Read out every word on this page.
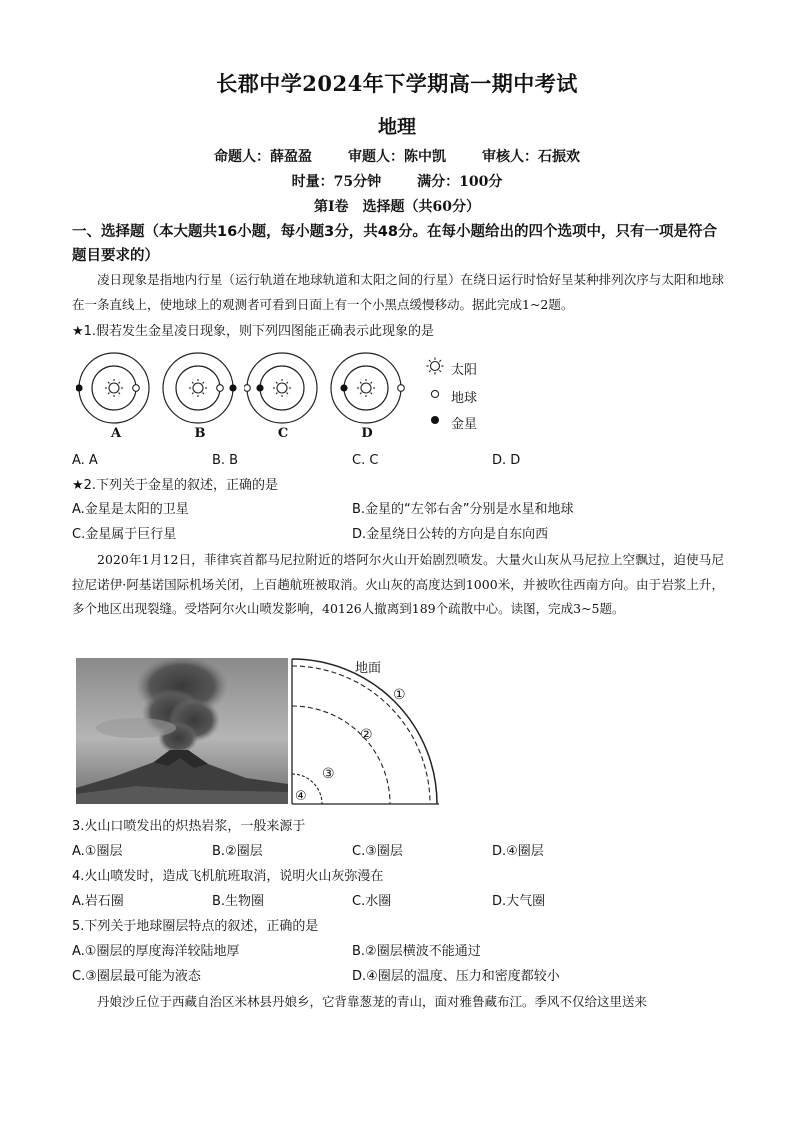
长郡中学2024年下学期高一期中考试
地理
命题人：薛盈盈	审题人：陈中凯	审核人：石振欢
时量：75分钟	满分：100分
第Ⅰ卷　选择题（共60分）
一、选择题（本大题共16小题，每小题3分，共48分。在每小题给出的四个选项中，只有一项是符合题目要求的）
凌日现象是指地内行星（运行轨道在地球轨道和太阳之间的行星）在绕日运行时恰好呈某种排列次序与太阳和地球在一条直线上，使地球上的观测者可看到日面上有一个小黑点缓慢移动。据此完成1~2题。
★1.假若发生金星凌日现象，则下列四图能正确表示此现象的是
A	B	C	D
太阳
地球
金星
A. A	B. B	C. C	D. D
★2.下列关于金星的叙述，正确的是
A.金星是太阳的卫星	B.金星的“左邻右舍”分别是水星和地球
C.金星属于巨行星	D.金星绕日公转的方向是自东向西
2020年1月12日，菲律宾首都马尼拉附近的塔阿尔火山开始剧烈喷发。大量火山灰从马尼拉上空飘过，迫使马尼拉尼诺伊·阿基诺国际机场关闭，上百趟航班被取消。火山灰的高度达到1000米，并被吹往西南方向。由于岩浆上升，多个地区出现裂缝。受塔阿尔火山喷发影响，40126人撤离到189个疏散中心。读图，完成3~5题。
地面
①
②
③
④
3.火山口喷发出的炽热岩浆，一般来源于
A.①圈层	B.②圈层	C.③圈层	D.④圈层
4.火山喷发时，造成飞机航班取消，说明火山灰弥漫在
A.岩石圈	B.生物圈	C.水圈	D.大气圈
5.下列关于地球圈层特点的叙述，正确的是
A.①圈层的厚度海洋较陆地厚	B.②圈层横波不能通过
C.③圈层最可能为液态	D.④圈层的温度、压力和密度都较小
丹娘沙丘位于西藏自治区米林县丹娘乡，它背靠葱茏的青山，面对雅鲁藏布江。季风不仅给这里送来
